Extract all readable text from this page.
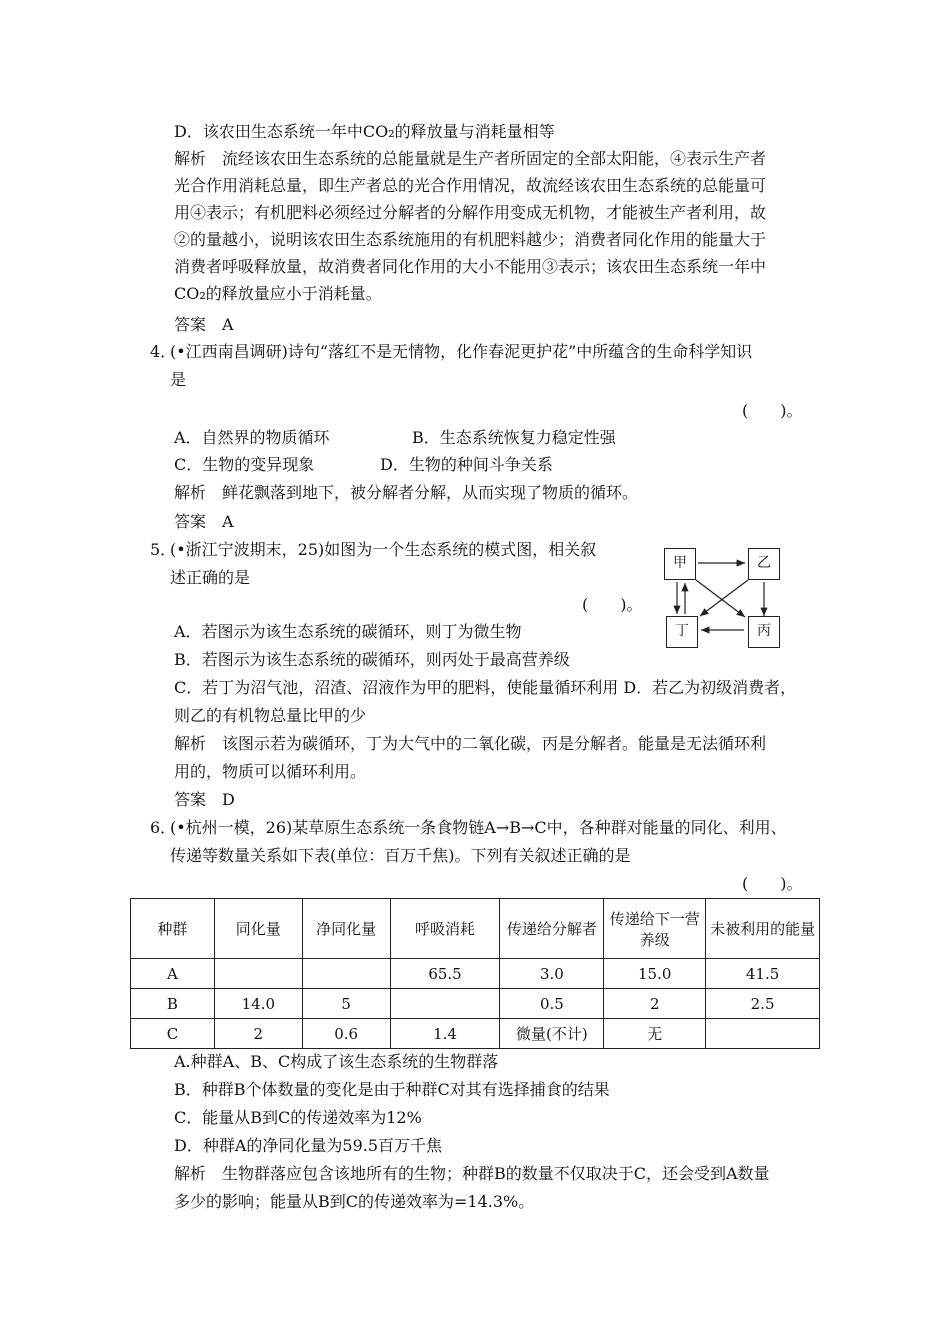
D．该农田生态系统一年中CO₂的释放量与消耗量相等
解析　流经该农田生态系统的总能量就是生产者所固定的全部太阳能，④表示生产者
光合作用消耗总量，即生产者总的光合作用情况，故流经该农田生态系统的总能量可
用④表示；有机肥料必须经过分解者的分解作用变成无机物，才能被生产者利用，故
②的量越小，说明该农田生态系统施用的有机肥料越少；消费者同化作用的能量大于
消费者呼吸释放量，故消费者同化作用的大小不能用③表示；该农田生态系统一年中
CO₂的释放量应小于消耗量。
答案　A
4．
(•江西南昌调研)诗句“落红不是无情物，化作春泥更护花”中所蕴含的生命科学知识
是
(　　)。
A．自然界的物质循环	B．生态系统恢复力稳定性强
C．生物的变异现象	D．生物的种间斗争关系
解析　鲜花飘落到地下，被分解者分解，从而实现了物质的循环。
答案　A
5．
(•浙江宁波期末，25)如图为一个生态系统的模式图，相关叙
述正确的是
(　　)。
甲	乙
丁	丙
A．若图示为该生态系统的碳循环，则丁为微生物
B．若图示为该生态系统的碳循环，则丙处于最高营养级
C．若丁为沼气池，沼渣、沼液作为甲的肥料，使能量循环利用 D．若乙为初级消费者，
则乙的有机物总量比甲的少
解析　该图示若为碳循环，丁为大气中的二氧化碳，丙是分解者。能量是无法循环利
用的，物质可以循环利用。
答案　D
6．
(•杭州一模，26)某草原生态系统一条食物链A→B→C中，各种群对能量的同化、利用、
传递等数量关系如下表(单位：百万千焦)。下列有关叙述正确的是
(　　)。
种群	同化量	净同化量	呼吸消耗	传递给分解者	传递给下一营养级	未被利用的能量
A			65.5	3.0	15.0	41.5
B	14.0	5		0.5	2	2.5
C	2	0.6	1.4	微量(不计)	无	
A.种群A、B、C构成了该生态系统的生物群落
B．种群B个体数量的变化是由于种群C对其有选择捕食的结果
C．能量从B到C的传递效率为12%
D．种群A的净同化量为59.5百万千焦
解析　生物群落应包含该地所有的生物；种群B的数量不仅取决于C，还会受到A数量
多少的影响；能量从B到C的传递效率为=14.3%。
